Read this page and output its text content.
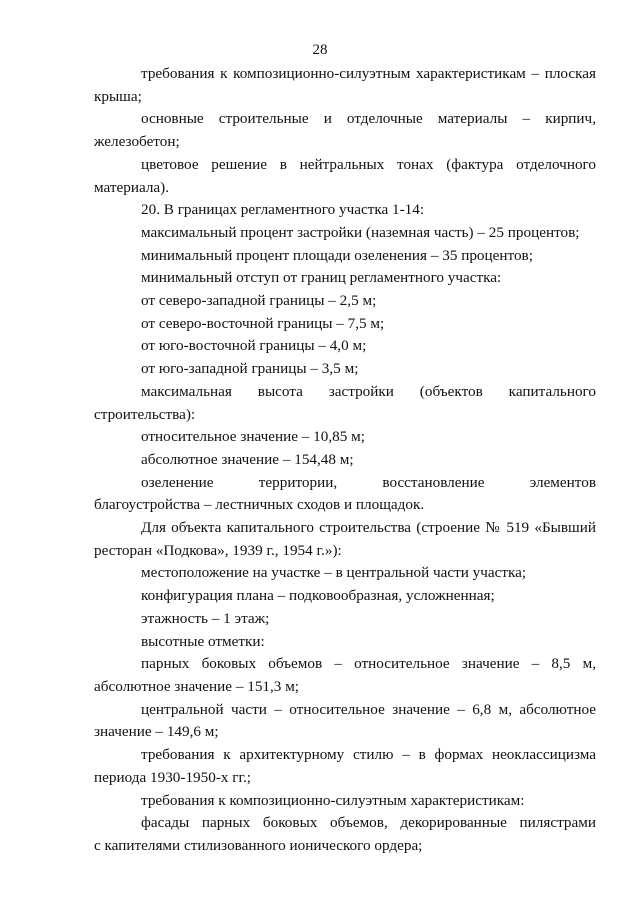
28
требования к композиционно-силуэтным характеристикам – плоская
крыша;
основные строительные и отделочные материалы – кирпич,
железобетон;
цветовое решение в нейтральных тонах (фактура отделочного
материала).
20. В границах регламентного участка 1-14:
максимальный процент застройки (наземная часть) – 25 процентов;
минимальный процент площади озеленения – 35 процентов;
минимальный отступ от границ регламентного участка:
от северо-западной границы – 2,5 м;
от северо-восточной границы – 7,5 м;
от юго-восточной границы – 4,0 м;
от юго-западной границы – 3,5 м;
максимальная высота застройки (объектов капитального
строительства):
относительное значение – 10,85 м;
абсолютное значение – 154,48 м;
озеленение территории, восстановление элементов
благоустройства – лестничных сходов и площадок.
Для объекта капитального строительства (строение № 519 «Бывший
ресторан «Подкова», 1939 г., 1954 г.»):
местоположение на участке – в центральной части участка;
конфигурация плана – подковообразная, усложненная;
этажность – 1 этаж;
высотные отметки:
парных боковых объемов – относительное значение – 8,5 м,
абсолютное значение – 151,3 м;
центральной части – относительное значение – 6,8 м, абсолютное
значение – 149,6 м;
требования к архитектурному стилю – в формах неоклассицизма
периода 1930-1950-х гг.;
требования к композиционно-силуэтным характеристикам:
фасады парных боковых объемов, декорированные пилястрами
с капителями стилизованного ионического ордера;
